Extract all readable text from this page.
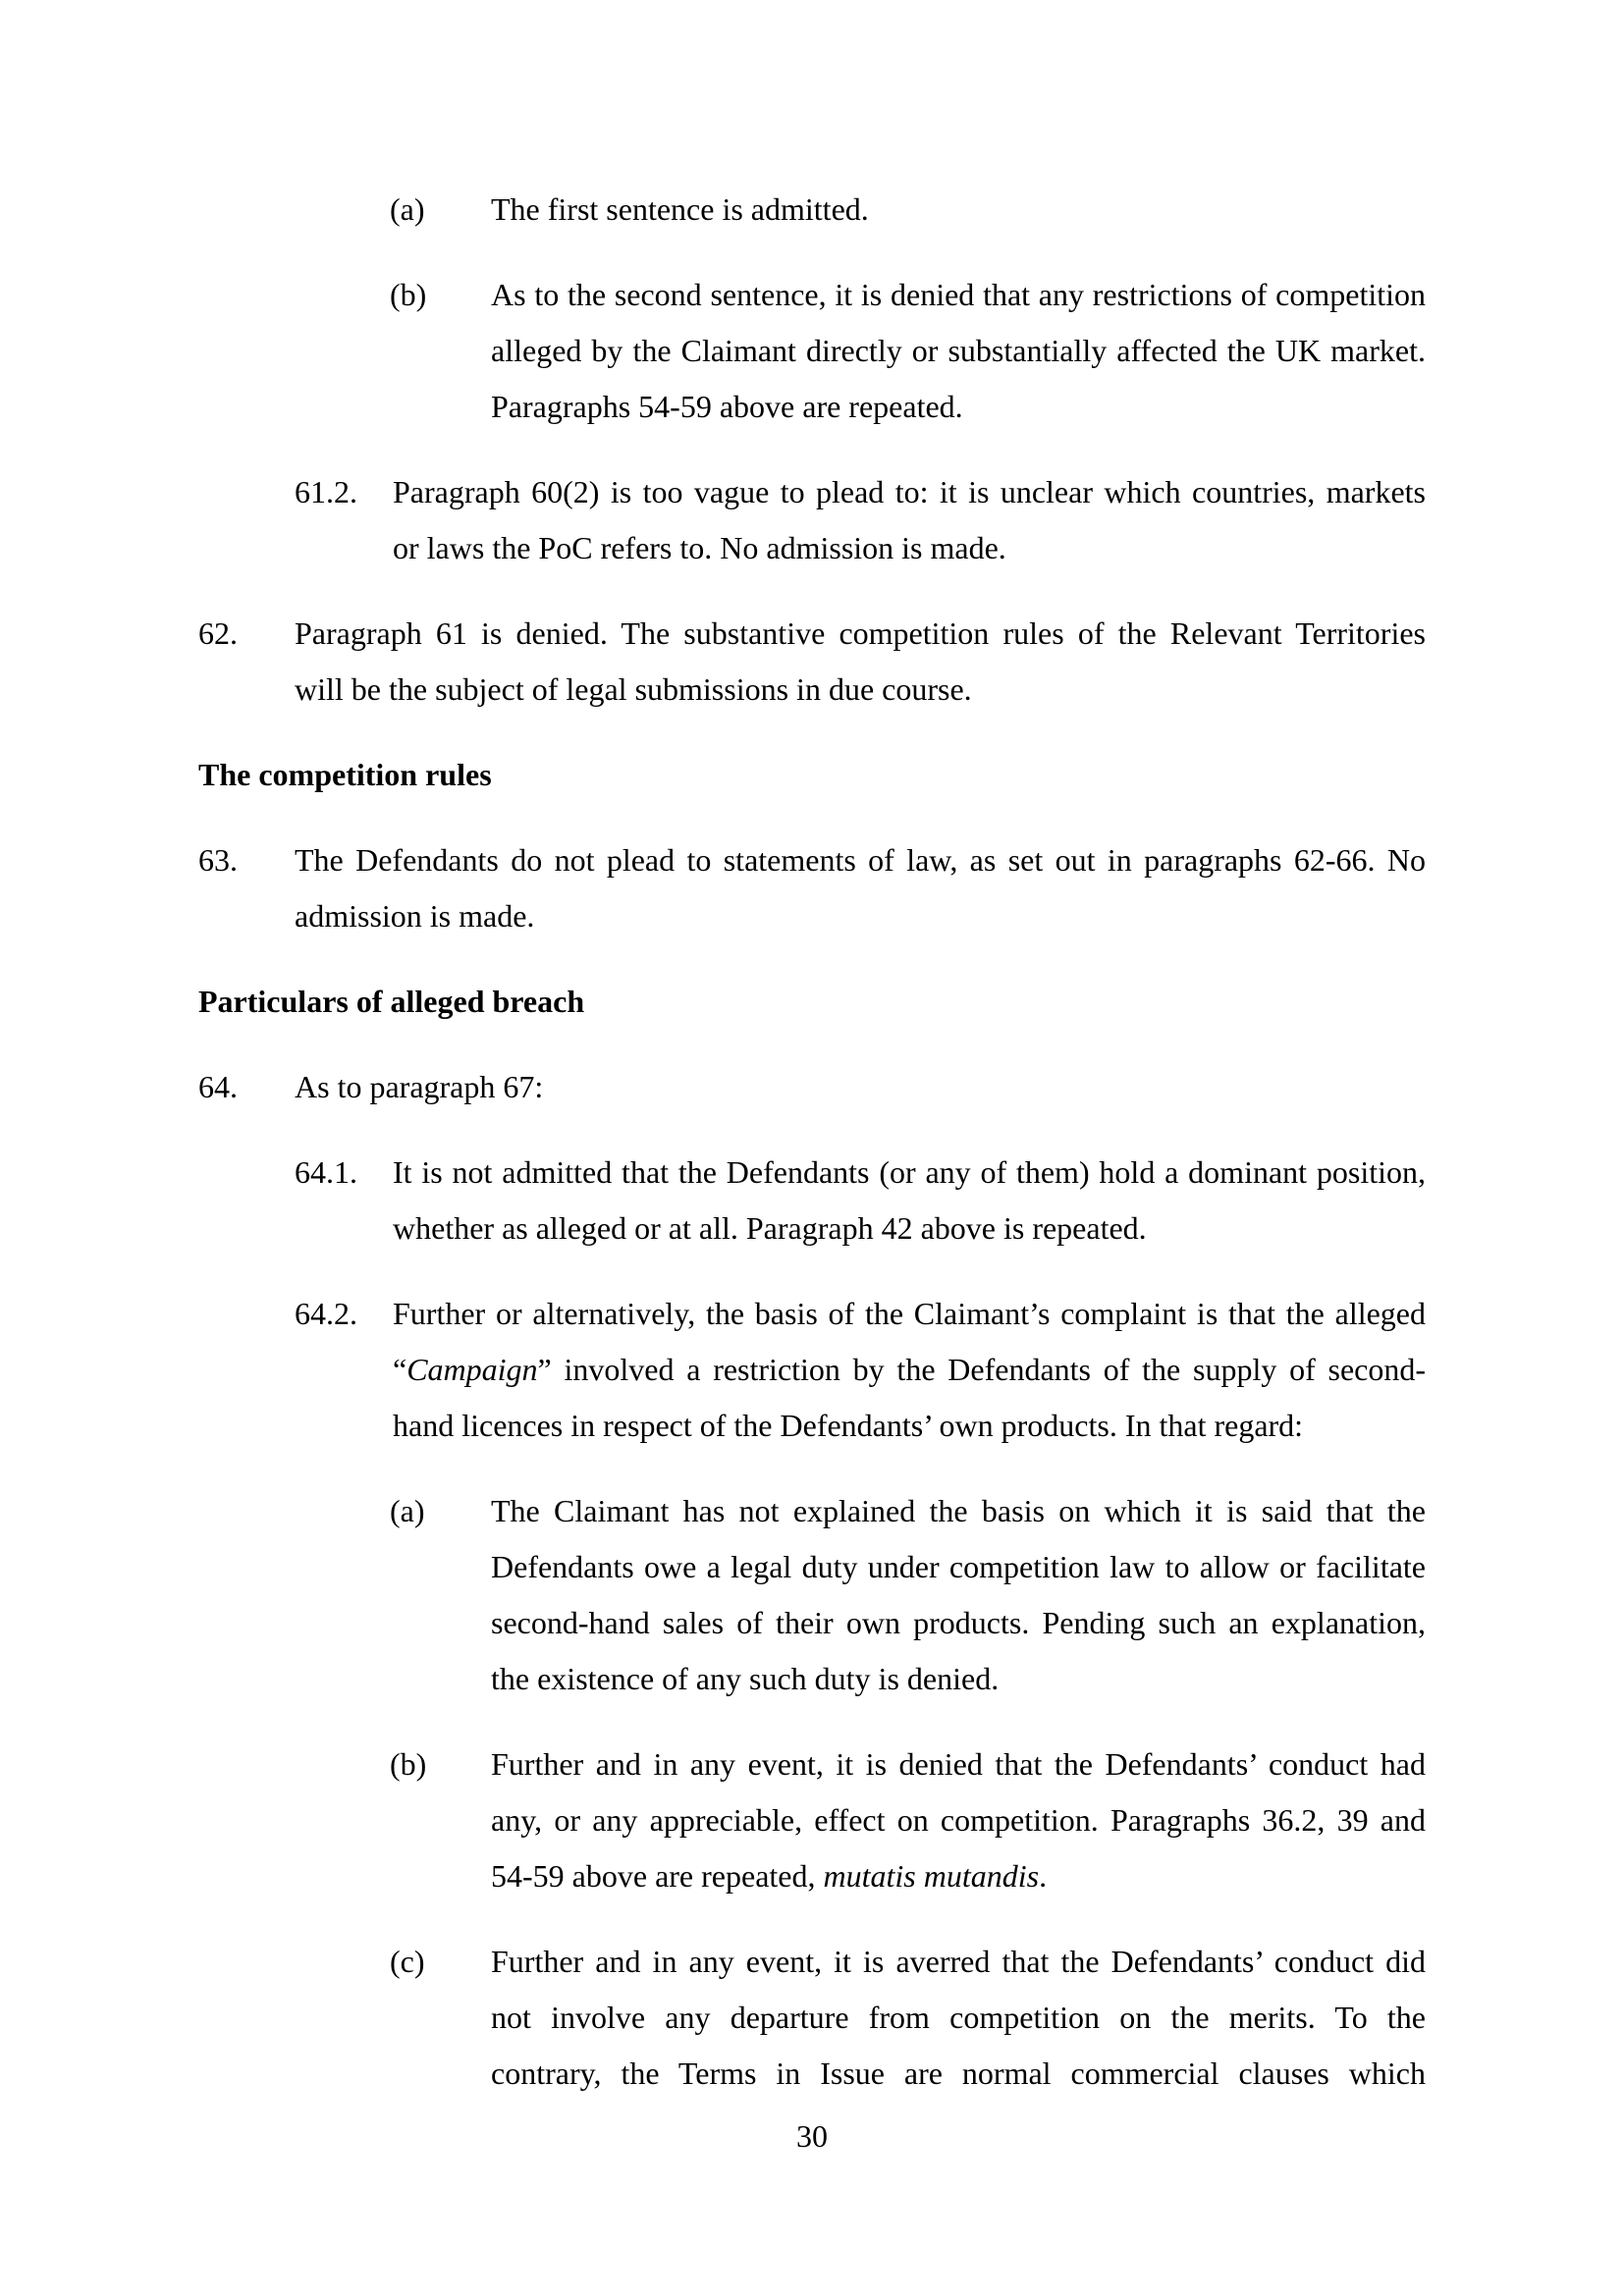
(a) The first sentence is admitted.
(b) As to the second sentence, it is denied that any restrictions of competition
alleged by the Claimant directly or substantially affected the UK market.
Paragraphs 54-59 above are repeated.
61.2. Paragraph 60(2) is too vague to plead to: it is unclear which countries, markets
or laws the PoC refers to. No admission is made.
62. Paragraph 61 is denied. The substantive competition rules of the Relevant Territories
will be the subject of legal submissions in due course.
The competition rules
63. The Defendants do not plead to statements of law, as set out in paragraphs 62-66. No
admission is made.
Particulars of alleged breach
64. As to paragraph 67:
64.1. It is not admitted that the Defendants (or any of them) hold a dominant position,
whether as alleged or at all. Paragraph 42 above is repeated.
64.2. Further or alternatively, the basis of the Claimant’s complaint is that the alleged
“Campaign” involved a restriction by the Defendants of the supply of second-
hand licences in respect of the Defendants’ own products. In that regard:
(a) The Claimant has not explained the basis on which it is said that the
Defendants owe a legal duty under competition law to allow or facilitate
second-hand sales of their own products. Pending such an explanation,
the existence of any such duty is denied.
(b) Further and in any event, it is denied that the Defendants’ conduct had
any, or any appreciable, effect on competition. Paragraphs 36.2, 39 and
54-59 above are repeated, mutatis mutandis.
(c) Further and in any event, it is averred that the Defendants’ conduct did
not involve any departure from competition on the merits. To the
contrary, the Terms in Issue are normal commercial clauses which
30
